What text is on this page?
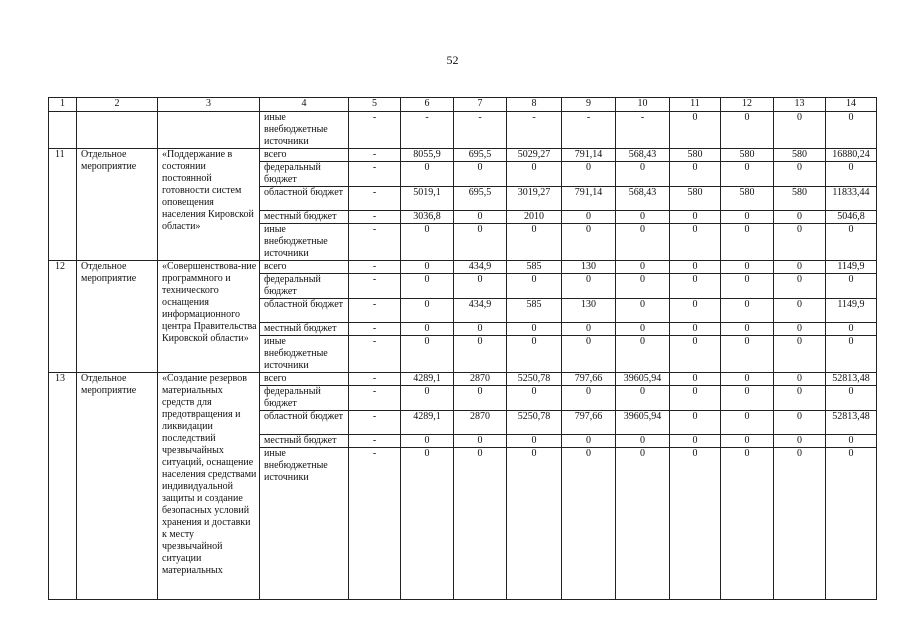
52
1	2	3	4	5	6	7	8	9	10	11	12	13	14
			иные внебюджетные источники	-	-	-	-	-	-	0	0	0	0
11	Отдельное мероприятие	«Поддержание в состоянии постоянной готовности систем оповещения населения Кировской области»	всего	-	8055,9	695,5	5029,27	791,14	568,43	580	580	580	16880,24
			федеральный бюджет	-	0	0	0	0	0	0	0	0	0
			областной бюджет	-	5019,1	695,5	3019,27	791,14	568,43	580	580	580	11833,44
			местный бюджет	-	3036,8	0	2010	0	0	0	0	0	5046,8
			иные внебюджетные источники	-	0	0	0	0	0	0	0	0	0
12	Отдельное мероприятие	«Совершенствова-ние программного и технического оснащения информационного центра Правительства Кировской области»	всего	-	0	434,9	585	130	0	0	0	0	1149,9
			федеральный бюджет	-	0	0	0	0	0	0	0	0	0
			областной бюджет	-	0	434,9	585	130	0	0	0	0	1149,9
			местный бюджет	-	0	0	0	0	0	0	0	0	0
			иные внебюджетные источники	-	0	0	0	0	0	0	0	0	0
13	Отдельное мероприятие	«Создание резервов материальных средств для предотвращения и ликвидации последствий чрезвычайных ситуаций, оснащение населения средствами индивидуальной защиты и создание безопасных условий хранения и доставки к месту чрезвычайной ситуации материальных	всего	-	4289,1	2870	5250,78	797,66	39605,94	0	0	0	52813,48
			федеральный бюджет	-	0	0	0	0	0	0	0	0	0
			областной бюджет	-	4289,1	2870	5250,78	797,66	39605,94	0	0	0	52813,48
			местный бюджет	-	0	0	0	0	0	0	0	0	0
			иные внебюджетные источники	-	0	0	0	0	0	0	0	0	0
